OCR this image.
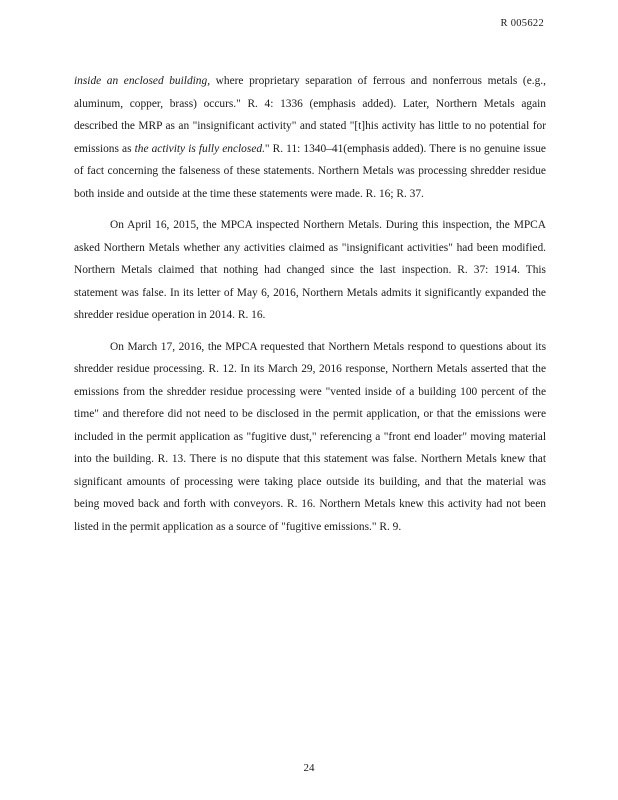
R 005622

inside an enclosed building, where proprietary separation of ferrous and nonferrous metals (e.g., aluminum, copper, brass) occurs." R. 4: 1336 (emphasis added). Later, Northern Metals again described the MRP as an "insignificant activity" and stated "[t]his activity has little to no potential for emissions as the activity is fully enclosed." R. 11: 1340–41(emphasis added). There is no genuine issue of fact concerning the falseness of these statements. Northern Metals was processing shredder residue both inside and outside at the time these statements were made. R. 16; R. 37.

On April 16, 2015, the MPCA inspected Northern Metals. During this inspection, the MPCA asked Northern Metals whether any activities claimed as "insignificant activities" had been modified. Northern Metals claimed that nothing had changed since the last inspection. R. 37: 1914. This statement was false. In its letter of May 6, 2016, Northern Metals admits it significantly expanded the shredder residue operation in 2014. R. 16.

On March 17, 2016, the MPCA requested that Northern Metals respond to questions about its shredder residue processing. R. 12. In its March 29, 2016 response, Northern Metals asserted that the emissions from the shredder residue processing were "vented inside of a building 100 percent of the time" and therefore did not need to be disclosed in the permit application, or that the emissions were included in the permit application as "fugitive dust," referencing a "front end loader" moving material into the building. R. 13. There is no dispute that this statement was false. Northern Metals knew that significant amounts of processing were taking place outside its building, and that the material was being moved back and forth with conveyors. R. 16. Northern Metals knew this activity had not been listed in the permit application as a source of "fugitive emissions." R. 9.

24
